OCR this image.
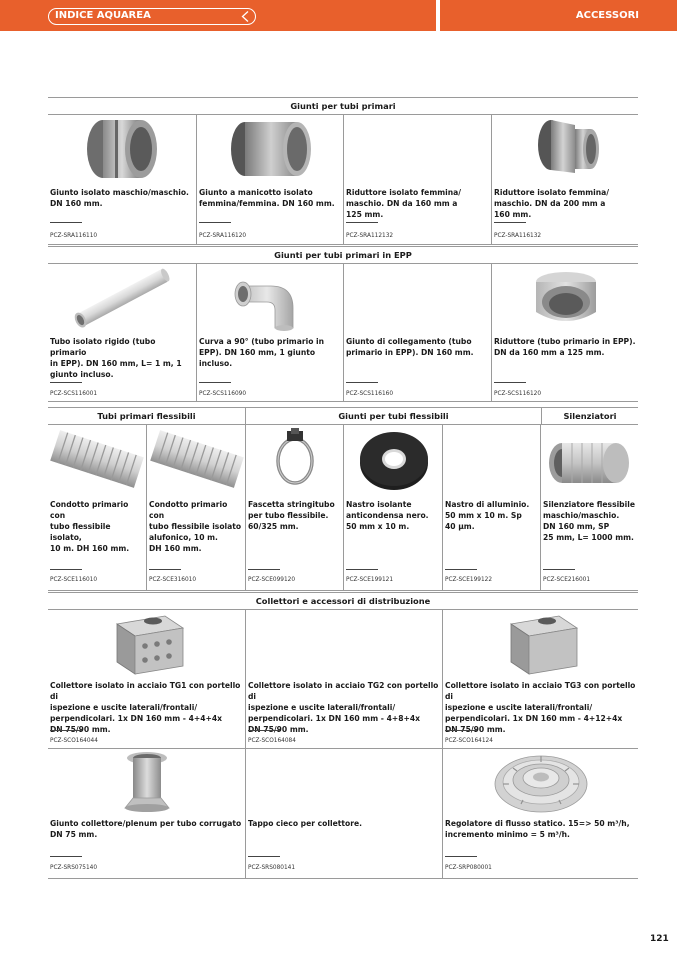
INDICE AQUAREA	ACCESSORI
Giunti per tubi primari
Giunto isolato maschio/maschio.
DN 160 mm.
PCZ-SRA116110
Giunto a manicotto isolato
femmina/femmina. DN 160 mm.
PCZ-SRA116120
Riduttore isolato femmina/
maschio. DN da 160 mm a
125 mm.
PCZ-SRA112132
Riduttore isolato femmina/
maschio. DN da 200 mm a
160 mm.
PCZ-SRA116132
Giunti per tubi primari in EPP
Tubo isolato rigido (tubo primario
in EPP). DN 160 mm, L= 1 m, 1
giunto incluso.
PCZ-SCS116001
Curva a 90° (tubo primario in
EPP). DN 160 mm, 1 giunto
incluso.
PCZ-SCS116090
Giunto di collegamento (tubo
primario in EPP). DN 160 mm.
PCZ-SCS116160
Riduttore (tubo primario in EPP).
DN da 160 mm a 125 mm.
PCZ-SCS116120
Tubi primari flessibili	Giunti per tubi flessibili	Silenziatori
Condotto primario con
tubo flessibile isolato,
10 m. DH 160 mm.
PCZ-SCE116010
Condotto primario con
tubo flessibile isolato
alufonico, 10 m.
DH 160 mm.
PCZ-SCE316010
Fascetta stringitubo
per tubo flessibile.
60/325 mm.
PCZ-SCE099120
Nastro isolante
anticondensa nero.
50 mm x 10 m.
PCZ-SCE199121
Nastro di alluminio.
50 mm x 10 m. Sp
40 µm.
PCZ-SCE199122
Silenziatore flessibile
maschio/maschio.
DN 160 mm, SP
25 mm, L= 1000 mm.
PCZ-SCE216001
Collettori e accessori di distribuzione
Collettore isolato in acciaio TG1 con portello di
ispezione e uscite laterali/frontali/
perpendicolari. 1x DN 160 mm - 4+4+4x
DN 75/90 mm.
PCZ-SCO164044
Collettore isolato in acciaio TG2 con portello di
ispezione e uscite laterali/frontali/
perpendicolari. 1x DN 160 mm - 4+8+4x
DN 75/90 mm.
PCZ-SCO164084
Collettore isolato in acciaio TG3 con portello di
ispezione e uscite laterali/frontali/
perpendicolari. 1x DN 160 mm - 4+12+4x
DN 75/90 mm.
PCZ-SCO164124
Giunto collettore/plenum per tubo corrugato
DN 75 mm.
PCZ-SRS075140
Tappo cieco per collettore.
PCZ-SRS080141
Regolatore di flusso statico. 15=> 50 m³/h,
incremento minimo = 5 m³/h.
PCZ-SRP080001
121
